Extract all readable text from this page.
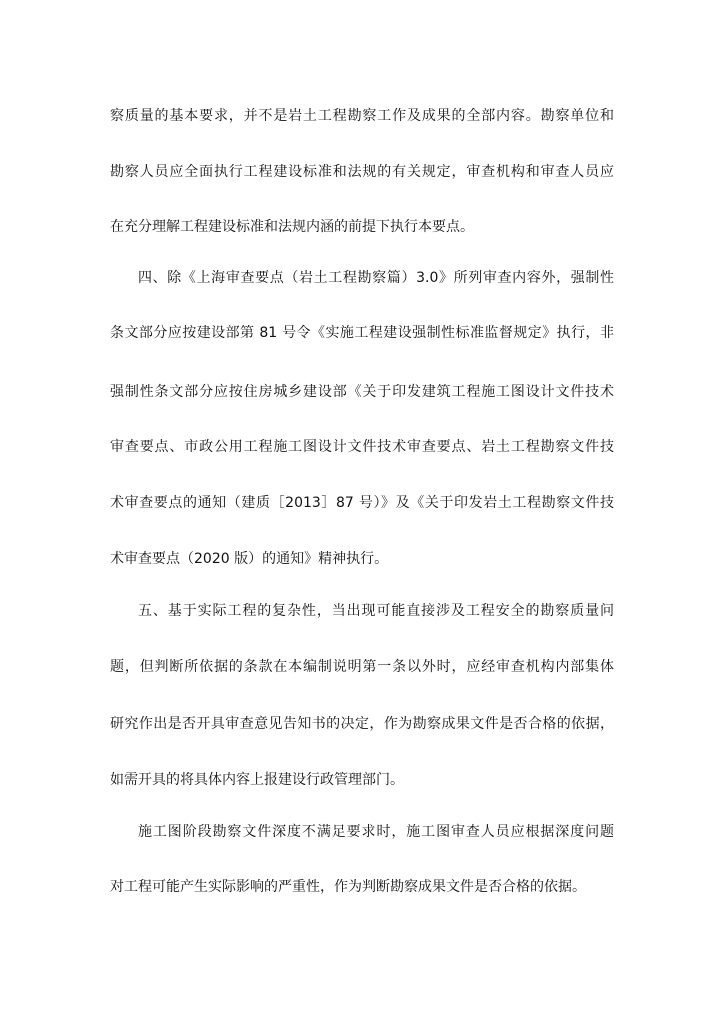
察质量的基本要求，并不是岩土工程勘察工作及成果的全部内容。勘察单位和
勘察人员应全面执行工程建设标准和法规的有关规定，审查机构和审查人员应
在充分理解工程建设标准和法规内涵的前提下执行本要点。
四、除《上海审查要点（岩土工程勘察篇）3.0》所列审查内容外，强制性
条文部分应按建设部第 81 号令《实施工程建设强制性标准监督规定》执行，非
强制性条文部分应按住房城乡建设部《关于印发建筑工程施工图设计文件技术
审查要点、市政公用工程施工图设计文件技术审查要点、岩土工程勘察文件技
术审查要点的通知（建质［2013］87 号）》及《关于印发岩土工程勘察文件技
术审查要点（2020 版）的通知》精神执行。
五、基于实际工程的复杂性，当出现可能直接涉及工程安全的勘察质量问
题，但判断所依据的条款在本编制说明第一条以外时，应经审查机构内部集体
研究作出是否开具审查意见告知书的决定，作为勘察成果文件是否合格的依据，
如需开具的将具体内容上报建设行政管理部门。
施工图阶段勘察文件深度不满足要求时，施工图审查人员应根据深度问题
对工程可能产生实际影响的严重性，作为判断勘察成果文件是否合格的依据。
